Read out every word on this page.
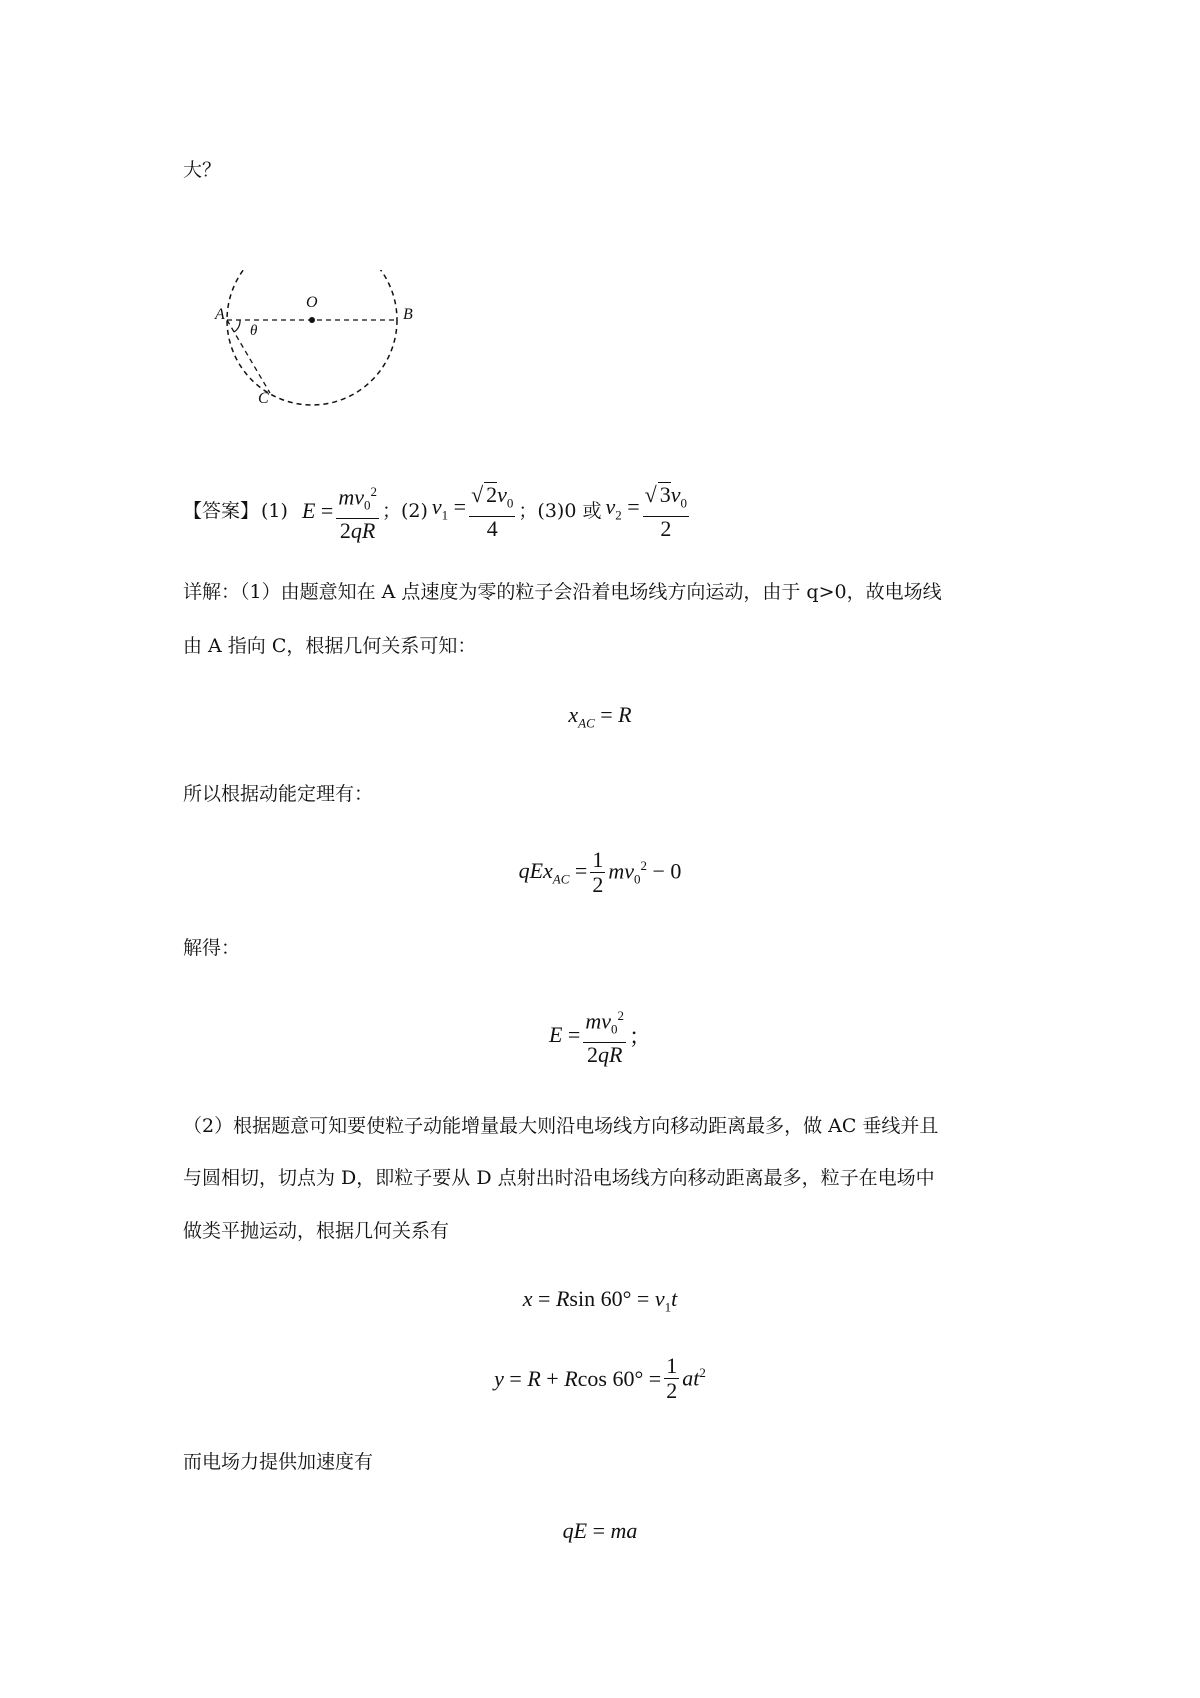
大？
A	B
O
C
θ
【答案】 (1) $E = \frac{mv_0^2}{2qR}$ ；(2) $v_1 = \frac{√ 2v_0}{4}$ ；(3)0 或 $v_2 = \frac{√ 3v_0}{2}$
详解：（1）由题意知在 A 点速度为零的粒子会沿着电场线方向运动，由于 q>0，故电场线
由 A 指向 C，根据几何关系可知：
$x_{AC} = R$
所以根据动能定理有：
$qEx_{AC} = \frac{1}{2} mv_0^2 - 0$
解得：
$E = \frac{mv_0^2}{2qR}$ ；
（2）根据题意可知要使粒子动能增量最大则沿电场线方向移动距离最多，做 AC 垂线并且
与圆相切，切点为 D，即粒子要从 D 点射出时沿电场线方向移动距离最多，粒子在电场中
做类平抛运动，根据几何关系有
x = Rsin $60^\circ = v_1t$
y = R + Rcos $60^\circ = \frac{1}{2} at^2$
而电场力提供加速度有
qE = ma
